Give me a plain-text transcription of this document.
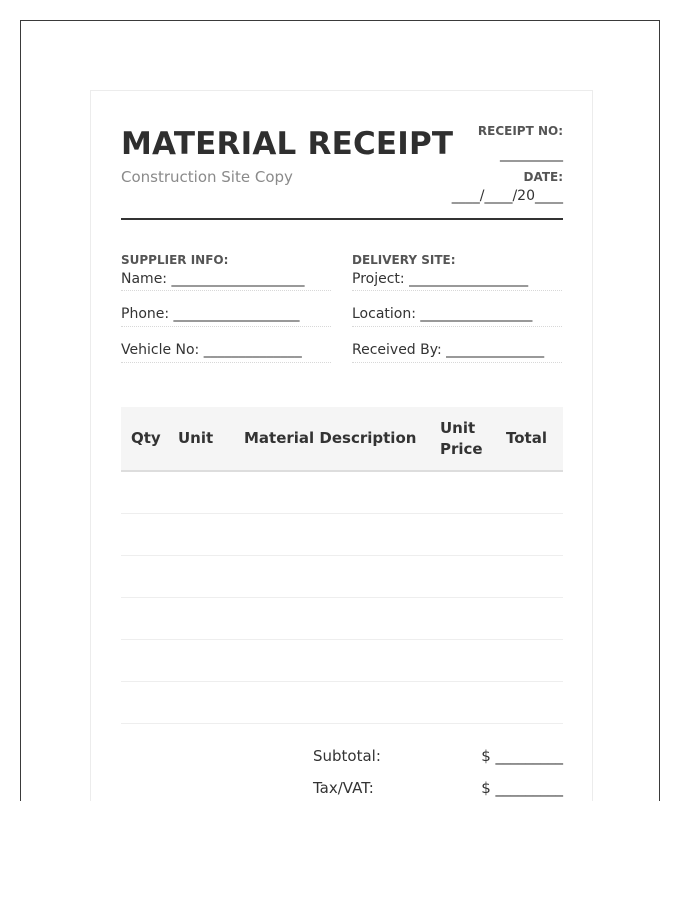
MATERIAL RECEIPT
Construction Site Copy
RECEIPT NO:
_________
DATE:
____/____/20____
SUPPLIER INFO:
Name: ___________________
Phone: __________________
Vehicle No: ______________
DELIVERY SITE:
Project: _________________
Location: ________________
Received By: ______________
Qty	Unit	Material Description	Unit Price	Total

Subtotal:	$ _________
Tax/VAT:	$ _________
